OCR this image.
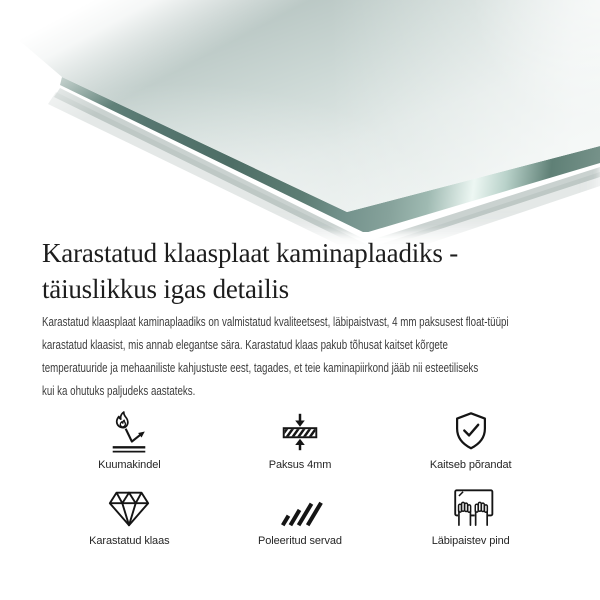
Karastatud klaasplaat kaminaplaadiks - täiuslikkus igas detailis
Karastatud klaasplaat kaminaplaadiks on valmistatud kvaliteetsest, läbipaistvast, 4 mm paksusest float-tüüpi
karastatud klaasist, mis annab elegantse sära. Karastatud klaas pakub tõhusat kaitset kõrgete
temperatuuride ja mehaaniliste kahjustuste eest, tagades, et teie kaminapiirkond jääb nii esteetiliseks
kui ka ohutuks paljudeks aastateks.
Kuumakindel	Paksus 4mm	Kaitseb põrandat
Karastatud klaas	Poleeritud servad	Läbipaistev pind
